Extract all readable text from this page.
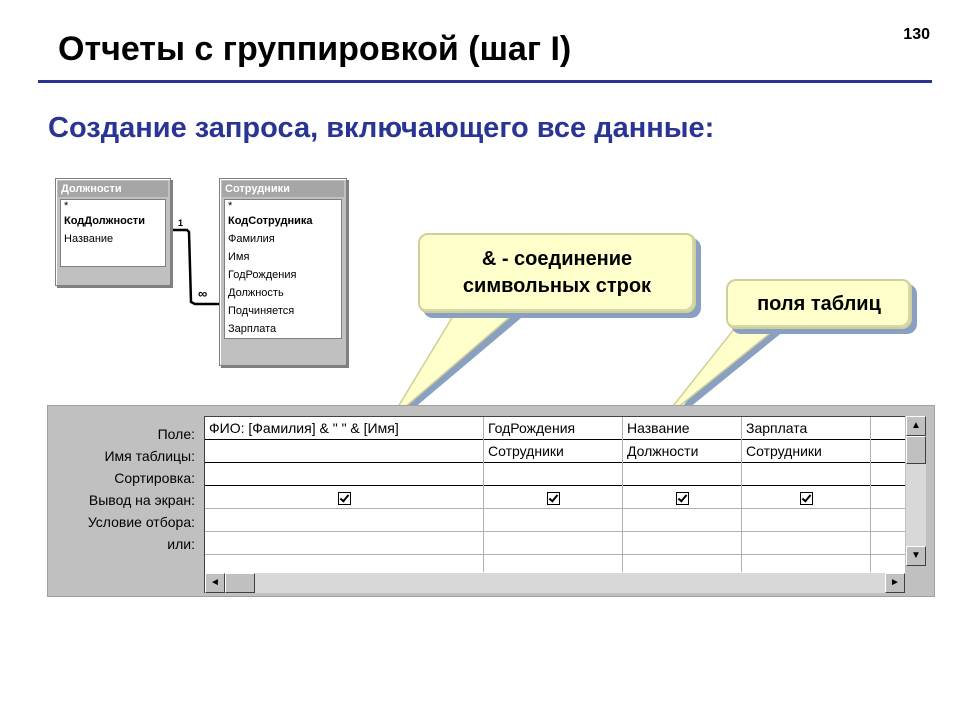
130
Отчеты с группировкой (шаг I)
Создание запроса, включающего все данные:
1
∞
Должности
*
КодДолжности
Название
Сотрудники
*
КодСотрудника
Фамилия
Имя
ГодРождения
Должность
Подчиняется
Зарплата
& - соединение
символьных строк
поля таблиц
Поле:
Имя таблицы:
Сортировка:
Вывод на экран:
Условие отбора:
или:
ФИО: [Фамилия] & " " & [Имя]	ГодРождения
Сотрудники
Название
Должности
Зарплата
Сотрудники
◄	►
▲
▼
